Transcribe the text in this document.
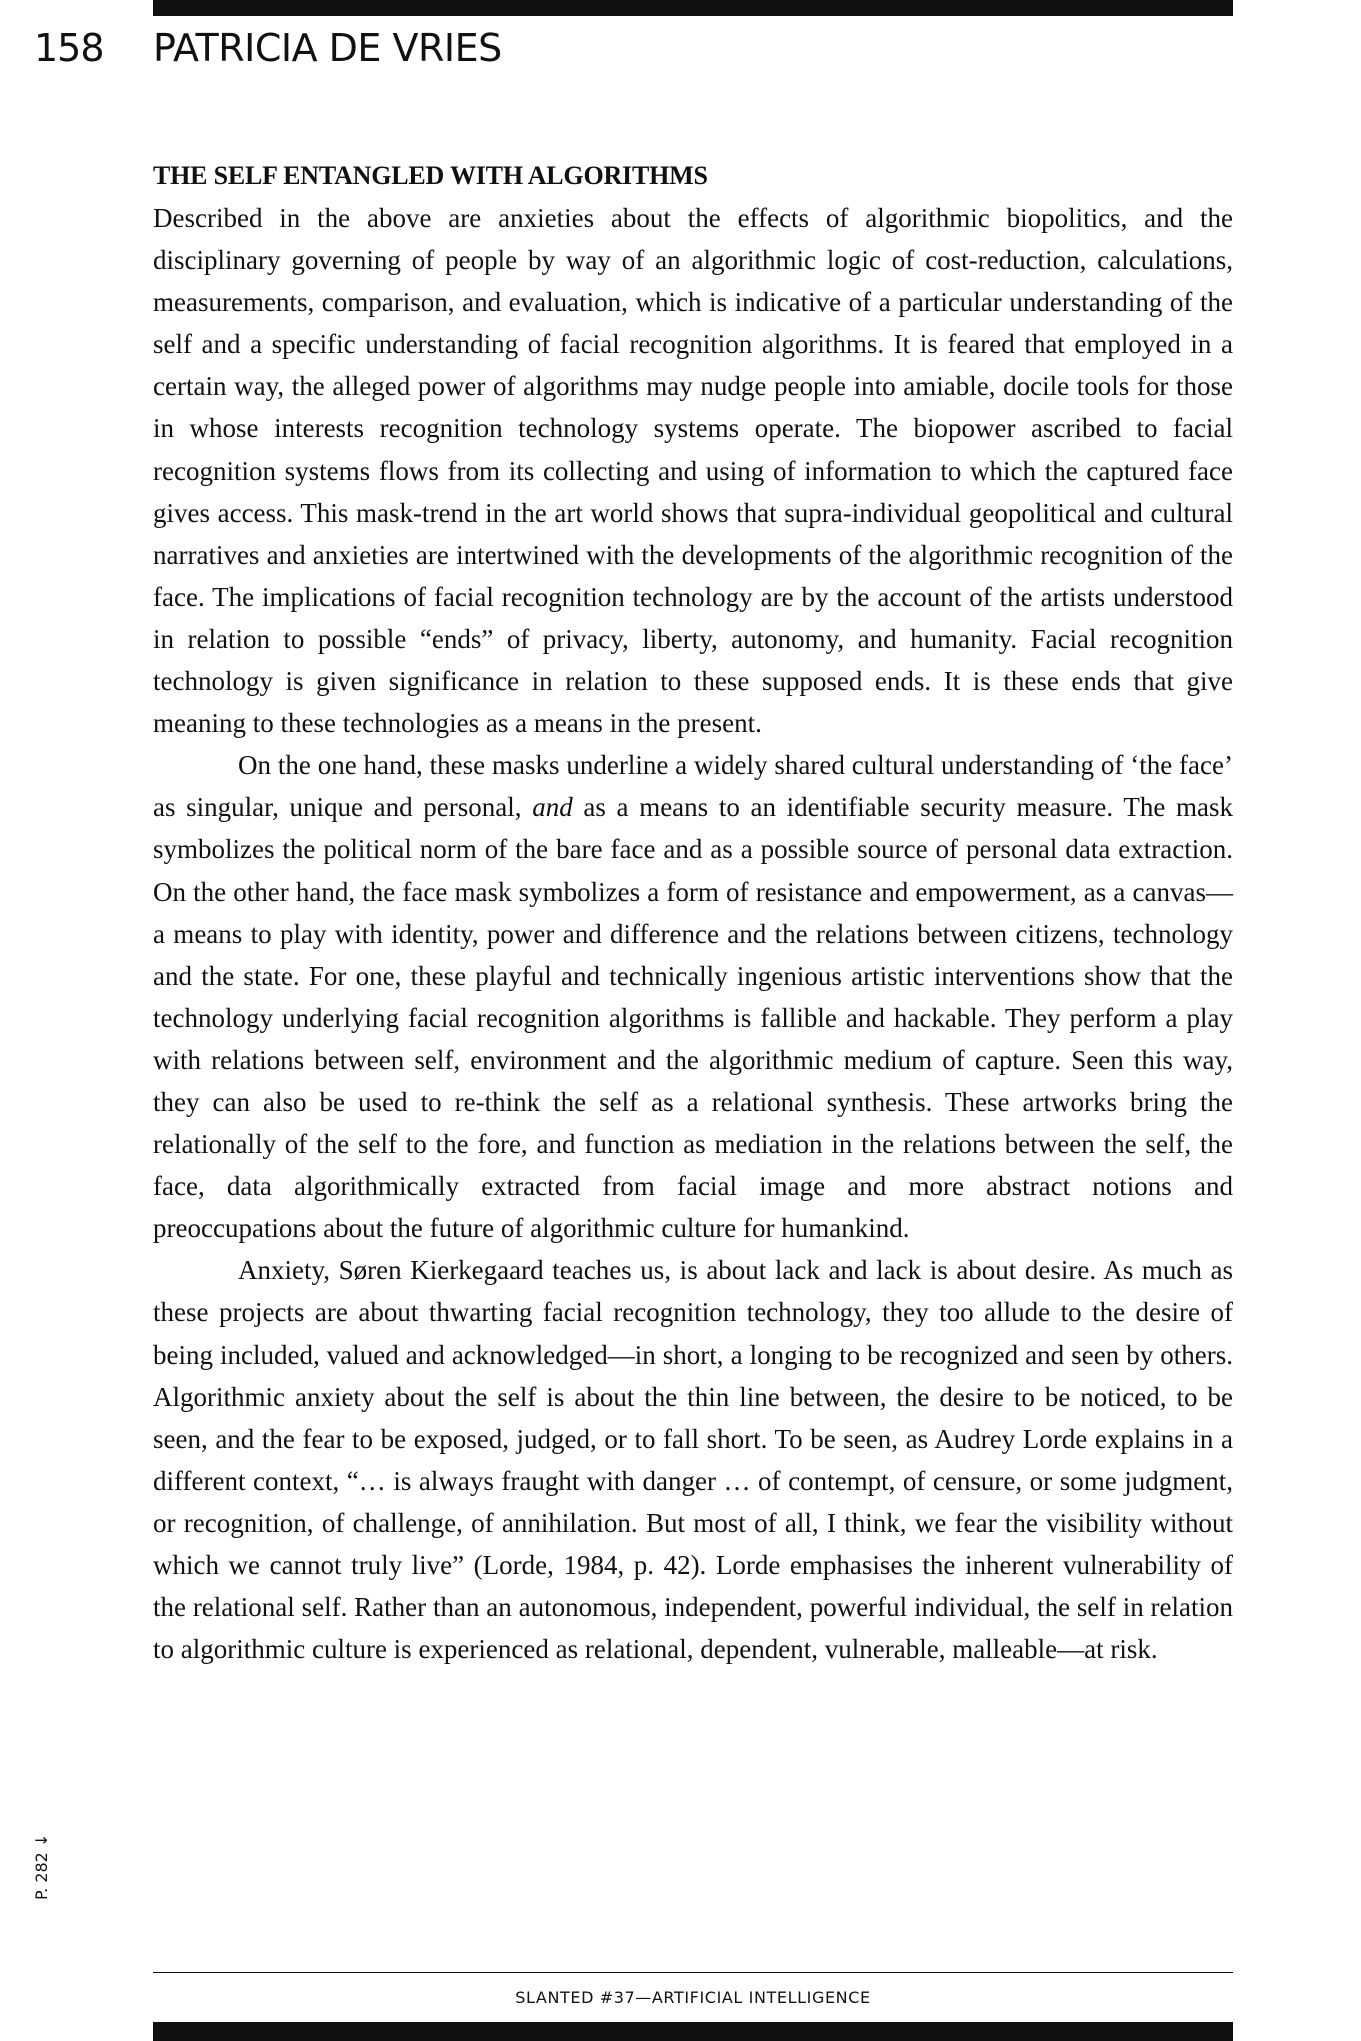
158 PATRICIA DE VRIES
THE SELF ENTANGLED WITH ALGORITHMS

Described in the above are anxieties about the effects of algorithmic biopolitics, and the disciplinary governing of people by way of an algorithmic logic of cost-reduction, calculations, measurements, comparison, and evaluation, which is indicative of a particular understanding of the self and a specific understanding of facial recognition algorithms. It is feared that employed in a certain way, the alleged power of algorithms may nudge people into amiable, docile tools for those in whose interests recognition technology systems operate. The biopower ascribed to facial recognition systems flows from its collecting and using of information to which the captured face gives access. This mask-trend in the art world shows that supra-individual geopolitical and cultural narratives and anxieties are intertwined with the developments of the algorithmic recognition of the face. The implications of facial recognition technology are by the account of the artists understood in relation to possible “ends” of privacy, liberty, autonomy, and humanity. Facial recognition technology is given significance in relation to these supposed ends. It is these ends that give meaning to these technologies as a means in the present.

On the one hand, these masks underline a widely shared cultural understanding of ‘the face’ as singular, unique and personal, and as a means to an identifiable security measure. The mask symbolizes the political norm of the bare face and as a possible source of personal data extraction. On the other hand, the face mask symbolizes a form of resistance and empowerment, as a canvas—a means to play with identity, power and difference and the relations between citizens, technology and the state. For one, these playful and technically ingenious artistic interventions show that the technology underlying facial recognition algorithms is fallible and hackable. They perform a play with relations between self, environment and the algorithmic medium of capture. Seen this way, they can also be used to re-think the self as a relational synthesis. These artworks bring the relationally of the self to the fore, and function as mediation in the relations between the self, the face, data algorithmically extracted from facial image and more abstract notions and preoccupations about the future of algorithmic culture for humankind.

Anxiety, Søren Kierkegaard teaches us, is about lack and lack is about desire. As much as these projects are about thwarting facial recognition technology, they too allude to the desire of being included, valued and acknowledged—in short, a longing to be recognized and seen by others. Algorithmic anxiety about the self is about the thin line between, the desire to be noticed, to be seen, and the fear to be exposed, judged, or to fall short. To be seen, as Audrey Lorde explains in a different context, “… is always fraught with danger … of contempt, of censure, or some judgment, or recognition, of challenge, of annihilation. But most of all, I think, we fear the visibility without which we cannot truly live” (Lorde, 1984, p. 42). Lorde emphasises the inherent vulnerability of the relational self. Rather than an autonomous, independent, powerful individual, the self in relation to algorithmic culture is experienced as relational, dependent, vulnerable, malleable—at risk.

P. 282 ↓
SLANTED #37—ARTIFICIAL INTELLIGENCE
